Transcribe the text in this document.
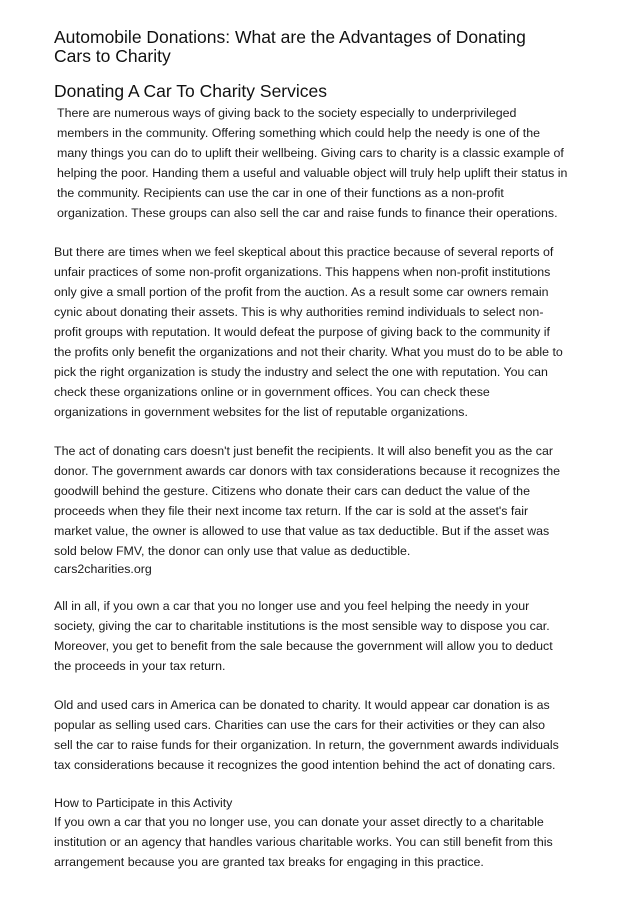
Automobile Donations: What are the Advantages of Donating
Cars to Charity
Donating A Car To Charity Services

There are numerous ways of giving back to the society especially to underprivileged
members in the community. Offering something which could help the needy is one of the
many things you can do to uplift their wellbeing. Giving cars to charity is a classic example of
helping the poor. Handing them a useful and valuable object will truly help uplift their status in
the community. Recipients can use the car in one of their functions as a non-profit
organization. These groups can also sell the car and raise funds to finance their operations.

But there are times when we feel skeptical about this practice because of several reports of
unfair practices of some non-profit organizations. This happens when non-profit institutions
only give a small portion of the profit from the auction. As a result some car owners remain
cynic about donating their assets. This is why authorities remind individuals to select non-
profit groups with reputation. It would defeat the purpose of giving back to the community if
the profits only benefit the organizations and not their charity. What you must do to be able to
pick the right organization is study the industry and select the one with reputation. You can
check these organizations online or in government offices. You can check these
organizations in government websites for the list of reputable organizations.

The act of donating cars doesn't just benefit the recipients. It will also benefit you as the car
donor. The government awards car donors with tax considerations because it recognizes the
goodwill behind the gesture. Citizens who donate their cars can deduct the value of the
proceeds when they file their next income tax return. If the car is sold at the asset's fair
market value, the owner is allowed to use that value as tax deductible. But if the asset was
sold below FMV, the donor can only use that value as deductible.

cars2charities.org

All in all, if you own a car that you no longer use and you feel helping the needy in your
society, giving the car to charitable institutions is the most sensible way to dispose you car.
Moreover, you get to benefit from the sale because the government will allow you to deduct
the proceeds in your tax return.

Old and used cars in America can be donated to charity. It would appear car donation is as
popular as selling used cars. Charities can use the cars for their activities or they can also
sell the car to raise funds for their organization. In return, the government awards individuals
tax considerations because it recognizes the good intention behind the act of donating cars.

How to Participate in this Activity

If you own a car that you no longer use, you can donate your asset directly to a charitable
institution or an agency that handles various charitable works. You can still benefit from this
arrangement because you are granted tax breaks for engaging in this practice.
